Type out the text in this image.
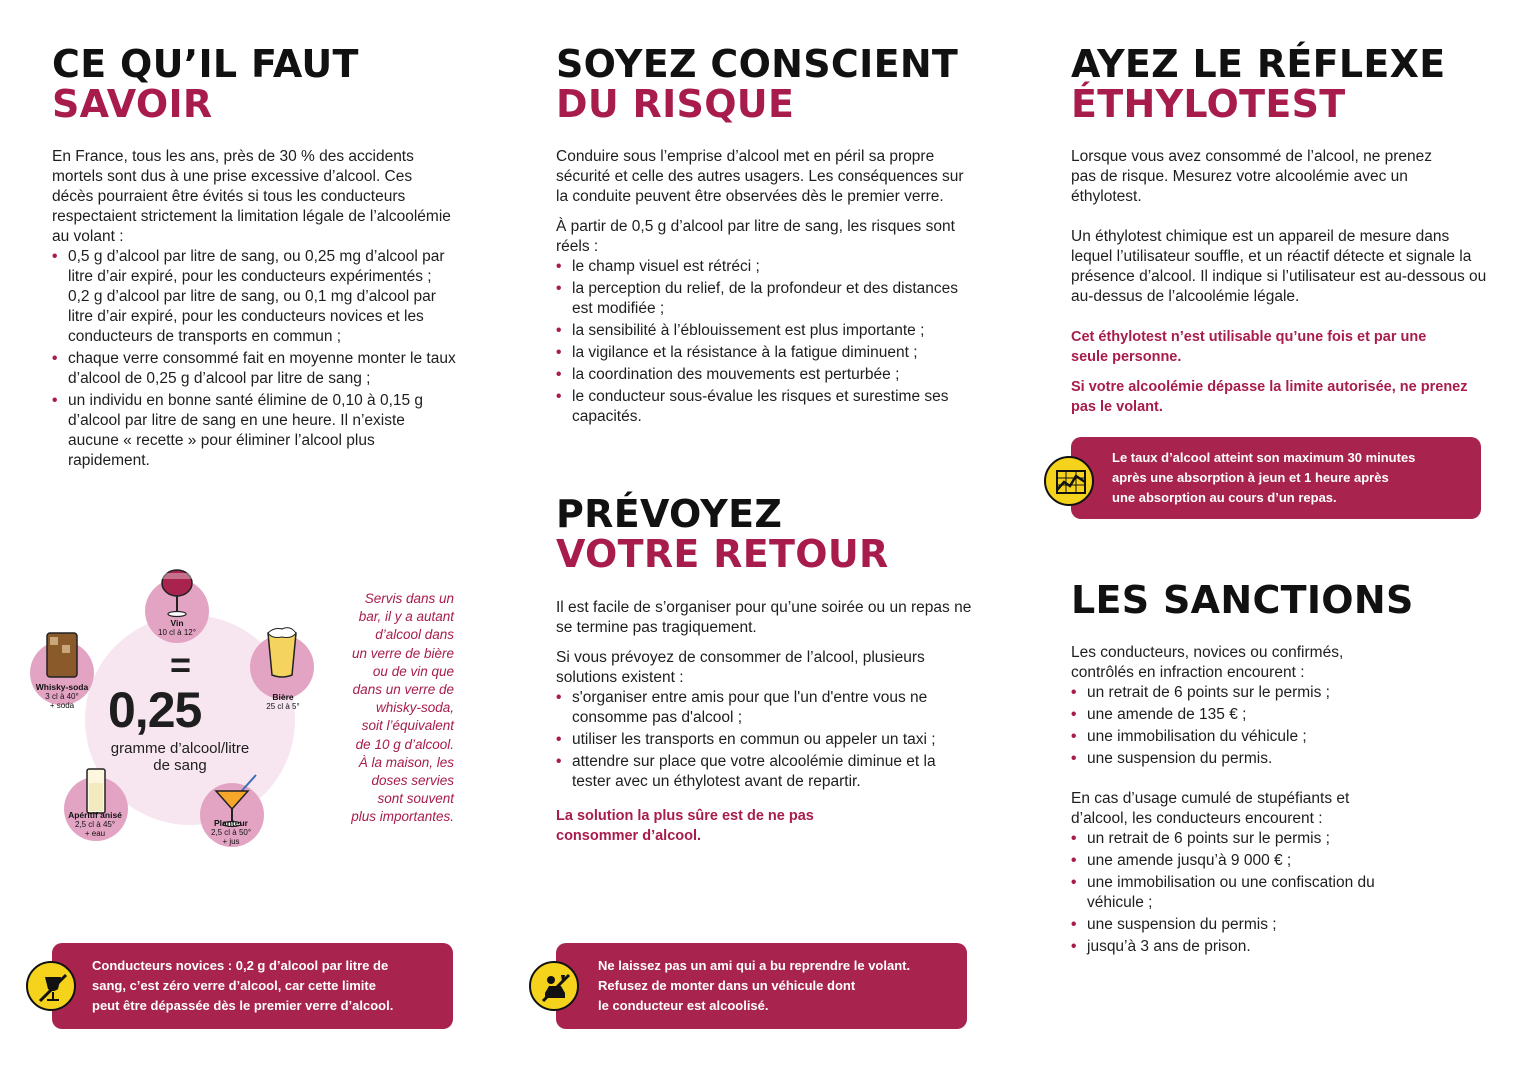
CE QU’IL FAUT
SAVOIR

En France, tous les ans, près de 30 % des accidents mortels sont dus à une prise excessive d’alcool. Ces décès pourraient être évités si tous les conducteurs respectaient strictement la limitation légale de l’alcoolémie au volant :

• 0,5 g d’alcool par litre de sang, ou 0,25 mg d’alcool par litre d’air expiré, pour les conducteurs expérimentés ;
0,2 g d’alcool par litre de sang, ou 0,1 mg d’alcool par litre d’air expiré, pour les conducteurs novices et les conducteurs de transports en commun ;
• chaque verre consommé fait en moyenne monter le taux d’alcool de 0,25 g d’alcool par litre de sang ;
• un individu en bonne santé élimine de 0,10 à 0,15 g d’alcool par litre de sang en une heure. Il n’existe aucune « recette » pour éliminer l’alcool plus rapidement.
Vin
10 cl à 12°
Bière
25 cl à 5°
Planteur
2,5 cl à 50°
+ jus
Apéritif anisé
2,5 cl à 45°
+ eau
Whisky-soda
3 cl à 40°
+ soda
=
0,25
gramme d’alcool/litre
de sang
Servis dans un
bar, il y a autant
d’alcool dans
un verre de bière
ou de vin que
dans un verre de
whisky-soda,
soit l’équivalent
de 10 g d’alcool.
À la maison, les
doses servies
sont souvent
plus importantes.
Conducteurs novices : 0,2 g d’alcool par litre de
sang, c’est zéro verre d’alcool, car cette limite
peut être dépassée dès le premier verre d’alcool.
SOYEZ CONSCIENT
DU RISQUE

Conduire sous l’emprise d’alcool met en péril sa propre sécurité et celle des autres usagers. Les conséquences sur la conduite peuvent être observées dès le premier verre.

À partir de 0,5 g d’alcool par litre de sang, les risques sont réels :

• le champ visuel est rétréci ;
• la perception du relief, de la profondeur et des distances est modifiée ;
• la sensibilité à l’éblouissement est plus importante ;
• la vigilance et la résistance à la fatigue diminuent ;
• la coordination des mouvements est perturbée ;
• le conducteur sous-évalue les risques et surestime ses capacités.
PRÉVOYEZ
VOTRE RETOUR

Il est facile de s’organiser pour qu’une soirée ou un repas ne se termine pas tragiquement.

Si vous prévoyez de consommer de l’alcool, plusieurs solutions existent :

• s'organiser entre amis pour que l'un d'entre vous ne consomme pas d'alcool ;
• utiliser les transports en commun ou appeler un taxi ;
• attendre sur place que votre alcoolémie diminue et la tester avec un éthylotest avant de repartir.
La solution la plus sûre est de ne pas consommer d’alcool.
Ne laissez pas un ami qui a bu reprendre le volant.
Refusez de monter dans un véhicule dont
le conducteur est alcoolisé.
AYEZ LE RÉFLEXE
ÉTHYLOTEST

Lorsque vous avez consommé de l’alcool, ne prenez pas de risque. Mesurez votre alcoolémie avec un éthylotest.

Un éthylotest chimique est un appareil de mesure dans lequel l’utilisateur souffle, et un réactif détecte et signale la présence d’alcool. Il indique si l’utilisateur est au-dessous ou au-dessus de l’alcoolémie légale.

Cet éthylotest n’est utilisable qu’une fois et par une seule personne.
Si votre alcoolémie dépasse la limite autorisée, ne prenez pas le volant.
Le taux d’alcool atteint son maximum 30 minutes
après une absorption à jeun et 1 heure après
une absorption au cours d’un repas.
LES SANCTIONS

Les conducteurs, novices ou confirmés, contrôlés en infraction encourent :

• un retrait de 6 points sur le permis ;
• une amende de 135 € ;
• une immobilisation du véhicule ;
• une suspension du permis.

En cas d’usage cumulé de stupéfiants et d’alcool, les conducteurs encourent :

• un retrait de 6 points sur le permis ;
• une amende jusqu’à 9 000 € ;
• une immobilisation ou une confiscation du véhicule ;
• une suspension du permis ;
• jusqu’à 3 ans de prison.
